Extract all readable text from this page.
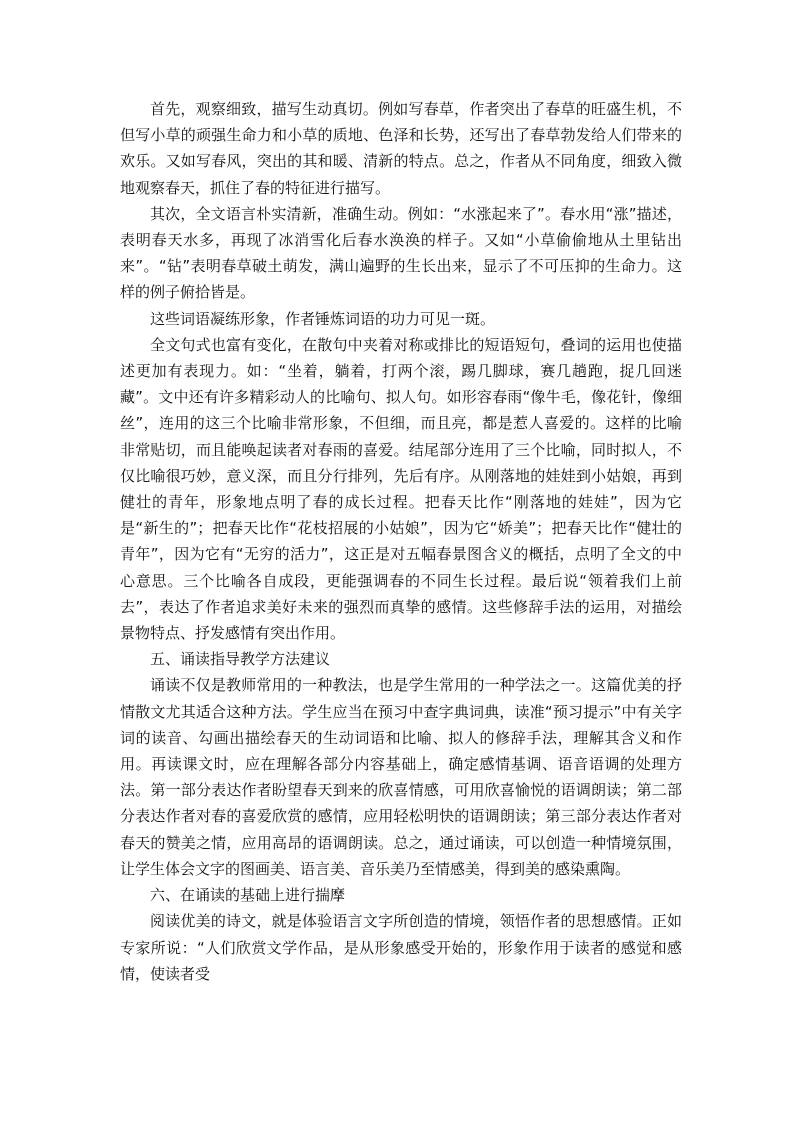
首先，观察细致，描写生动真切。例如写春草，作者突出了春草的旺盛生机，不但写小草的顽强生命力和小草的质地、色泽和长势，还写出了春草勃发给人们带来的欢乐。又如写春风，突出的其和暖、清新的特点。总之，作者从不同角度，细致入微地观察春天，抓住了春的特征进行描写。

其次，全文语言朴实清新，准确生动。例如：“水涨起来了”。春水用“涨”描述，表明春天水多，再现了冰消雪化后春水涣涣的样子。又如“小草偷偷地从土里钻出来”。“钻”表明春草破土萌发，满山遍野的生长出来，显示了不可压抑的生命力。这样的例子俯拾皆是。

这些词语凝练形象，作者锤炼词语的功力可见一斑。

全文句式也富有变化，在散句中夹着对称或排比的短语短句，叠词的运用也使描述更加有表现力。如：“坐着，躺着，打两个滚，踢几脚球，赛几趟跑，捉几回迷藏”。文中还有许多精彩动人的比喻句、拟人句。如形容春雨“像牛毛，像花针，像细丝”，连用的这三个比喻非常形象，不但细，而且亮，都是惹人喜爱的。这样的比喻非常贴切，而且能唤起读者对春雨的喜爱。结尾部分连用了三个比喻，同时拟人，不仅比喻很巧妙，意义深，而且分行排列，先后有序。从刚落地的娃娃到小姑娘，再到健壮的青年，形象地点明了春的成长过程。把春天比作“刚落地的娃娃”，因为它是“新生的”；把春天比作“花枝招展的小姑娘”，因为它“娇美”；把春天比作“健壮的青年”，因为它有“无穷的活力”，这正是对五幅春景图含义的概括，点明了全文的中心意思。三个比喻各自成段，更能强调春的不同生长过程。最后说“领着我们上前去”，表达了作者追求美好未来的强烈而真挚的感情。这些修辞手法的运用，对描绘景物特点、抒发感情有突出作用。

五、诵读指导教学方法建议

诵读不仅是教师常用的一种教法，也是学生常用的一种学法之一。这篇优美的抒情散文尤其适合这种方法。学生应当在预习中查字典词典，读准“预习提示”中有关字词的读音、勾画出描绘春天的生动词语和比喻、拟人的修辞手法，理解其含义和作用。再读课文时，应在理解各部分内容基础上，确定感情基调、语音语调的处理方法。第一部分表达作者盼望春天到来的欣喜情感，可用欣喜愉悦的语调朗读；第二部分表达作者对春的喜爱欣赏的感情，应用轻松明快的语调朗读；第三部分表达作者对春天的赞美之情，应用高昂的语调朗读。总之，通过诵读，可以创造一种情境氛围，让学生体会文字的图画美、语言美、音乐美乃至情感美，得到美的感染熏陶。

六、在诵读的基础上进行揣摩

阅读优美的诗文，就是体验语言文字所创造的情境，领悟作者的思想感情。正如专家所说：“人们欣赏文学作品，是从形象感受开始的，形象作用于读者的感觉和感情，使读者受
